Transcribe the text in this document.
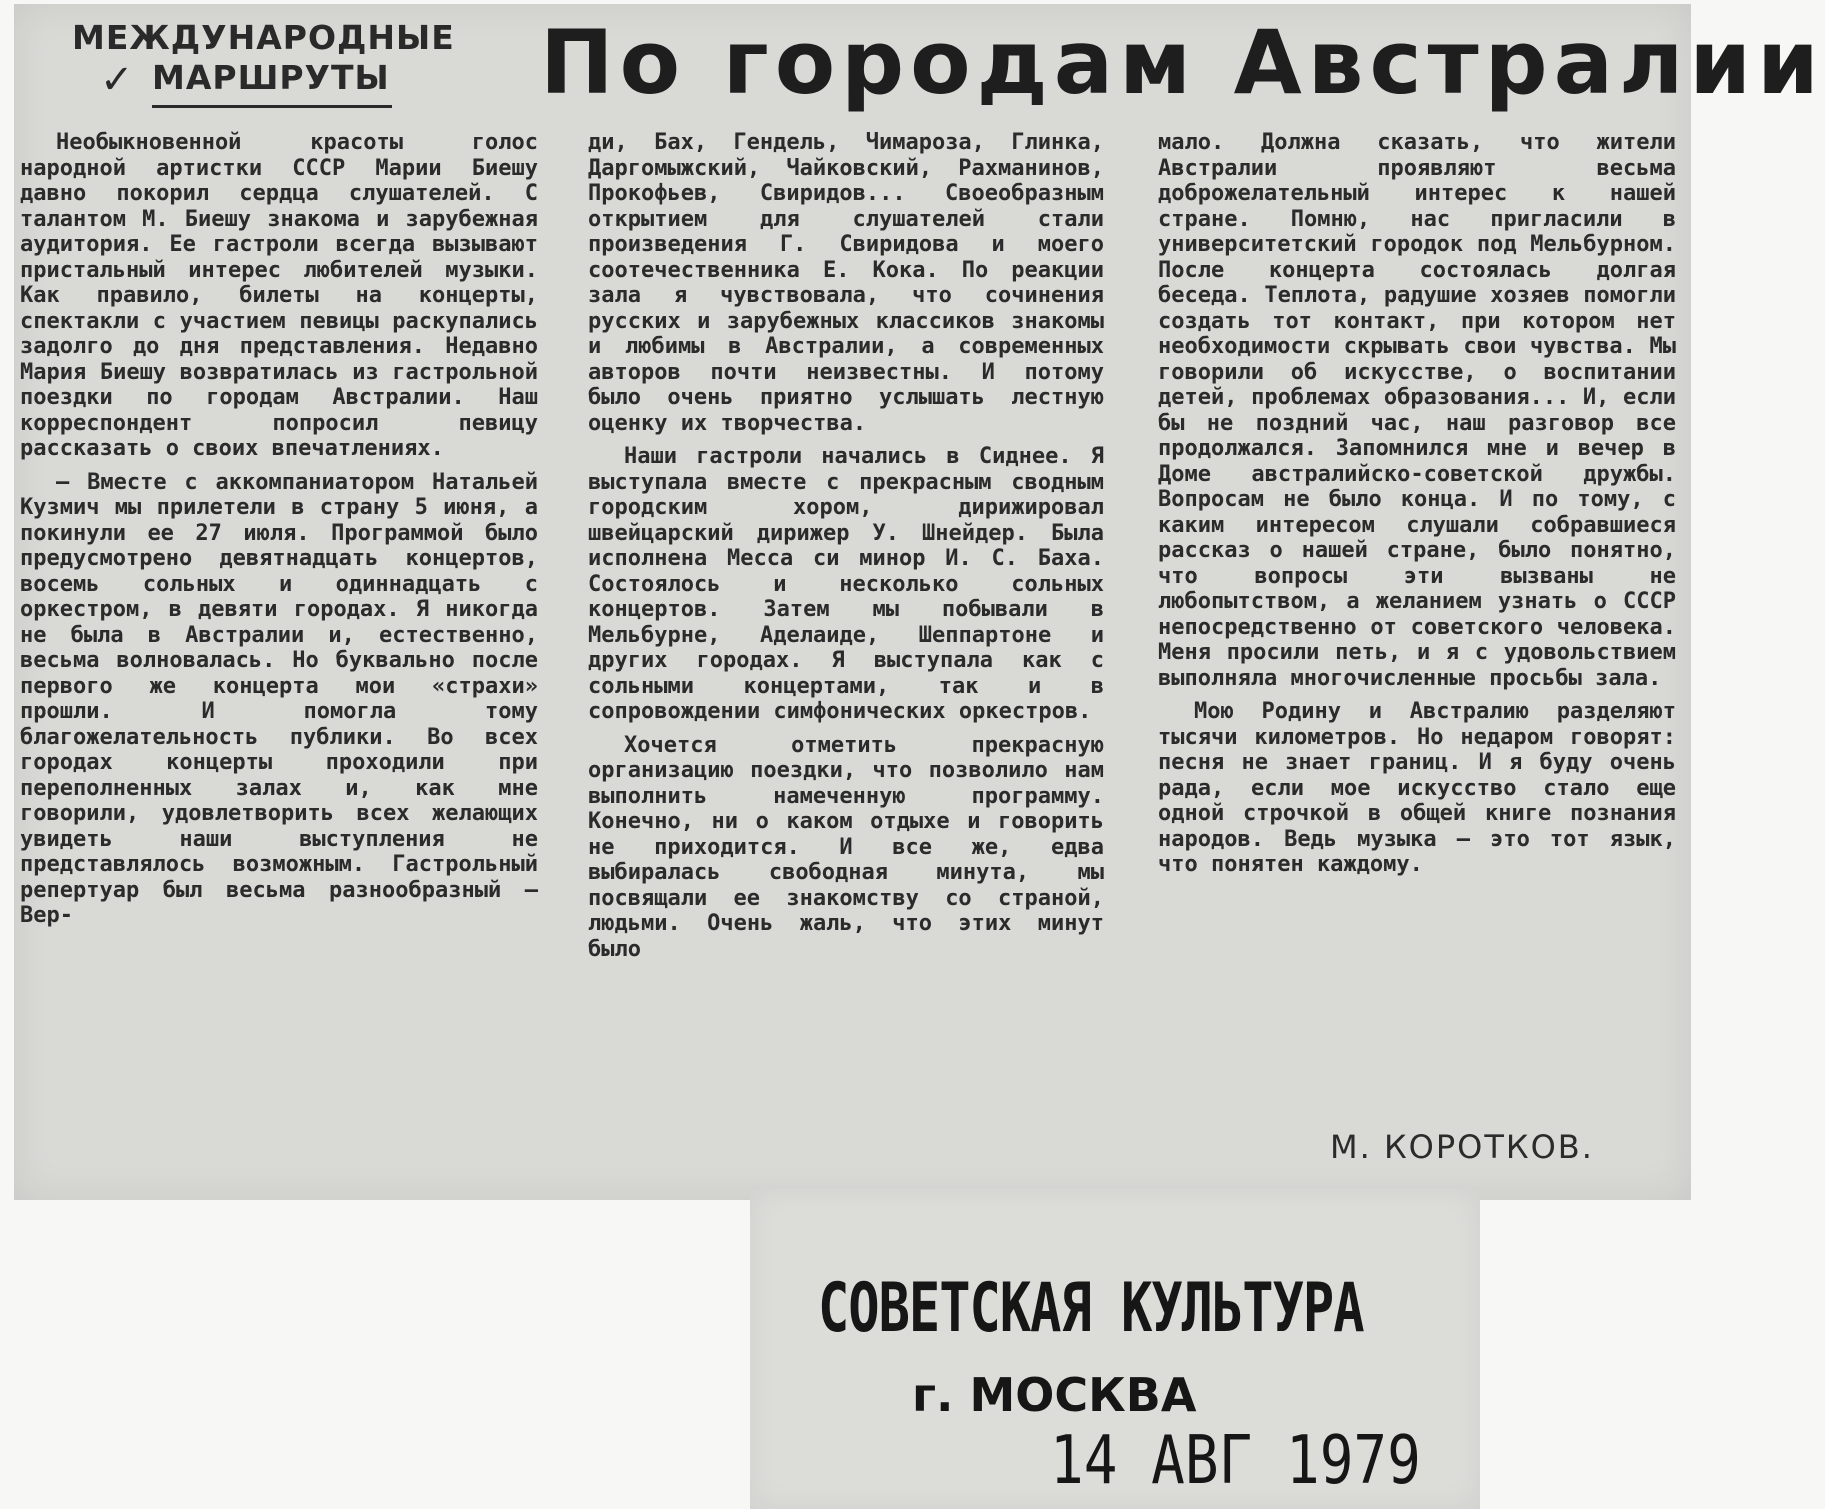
МЕЖДУНАРОДНЫЕ
✓ МАРШРУТЫ	По городам Австралии

Необыкновенной красоты голос народной артистки СССР Марии Биешу давно покорил сердца слушателей. С талантом М. Биешу знакома и зарубежная аудитория. Ее гастроли всегда вызывают пристальный интерес любителей музыки. Как правило, билеты на концерты, спектакли с участием певицы раскупались задолго до дня представления. Недавно Мария Биешу возвратилась из гастрольной поездки по городам Австралии. Наш корреспондент попросил певицу рассказать о своих впечатлениях.

— Вместе с аккомпаниатором Натальей Кузмич мы прилетели в страну 5 июня, а покинули ее 27 июля. Программой было предусмотрено девятнадцать концертов, восемь сольных и одиннадцать с оркестром, в девяти городах. Я никогда не была в Австралии и, естественно, весьма волновалась. Но буквально после первого же концерта мои «страхи» прошли. И помогла тому благожелательность публики. Во всех городах концерты проходили при переполненных залах и, как мне говорили, удовлетворить всех желающих увидеть наши выступления не представлялось возможным. Гастрольный репертуар был весьма разнообразный — Вер-

ди, Бах, Гендель, Чимароза, Глинка, Даргомыжский, Чайковский, Рахманинов, Прокофьев, Свиридов... Своеобразным открытием для слушателей стали произведения Г. Свиридова и моего соотечественника Е. Кока. По реакции зала я чувствовала, что сочинения русских и зарубежных классиков знакомы и любимы в Австралии, а современных авторов почти неизвестны. И потому было очень приятно услышать лестную оценку их творчества.

Наши гастроли начались в Сиднее. Я выступала вместе с прекрасным сводным городским хором, дирижировал швейцарский дирижер У. Шнейдер. Была исполнена Месса си минор И. С. Баха. Состоялось и несколько сольных концертов. Затем мы побывали в Мельбурне, Аделаиде, Шеппартоне и других городах. Я выступала как с сольными концертами, так и в сопровождении симфонических оркестров.

Хочется отметить прекрасную организацию поездки, что позволило нам выполнить намеченную программу. Конечно, ни о каком отдыхе и говорить не приходится. И все же, едва выбиралась свободная минута, мы посвящали ее знакомству со страной, людьми. Очень жаль, что этих минут было

мало. Должна сказать, что жители Австралии проявляют весьма доброжелательный интерес к нашей стране. Помню, нас пригласили в университетский городок под Мельбурном. После концерта состоялась долгая беседа. Теплота, радушие хозяев помогли создать тот контакт, при котором нет необходимости скрывать свои чувства. Мы говорили об искусстве, о воспитании детей, проблемах образования... И, если бы не поздний час, наш разговор все продолжался. Запомнился мне и вечер в Доме австралийско-советской дружбы. Вопросам не было конца. И по тому, с каким интересом слушали собравшиеся рассказ о нашей стране, было понятно, что вопросы эти вызваны не любопытством, а желанием узнать о СССР непосредственно от советского человека. Меня просили петь, и я с удовольствием выполняла многочисленные просьбы зала.

Мою Родину и Австралию разделяют тысячи километров. Но недаром говорят: песня не знает границ. И я буду очень рада, если мое искусство стало еще одной строчкой в общей книге познания народов. Ведь музыка — это тот язык, что понятен каждому.

М. КОРОТКОВ.
СОВЕТСКАЯ КУЛЬТУРА
г. МОСКВА
14 АВГ 1979
